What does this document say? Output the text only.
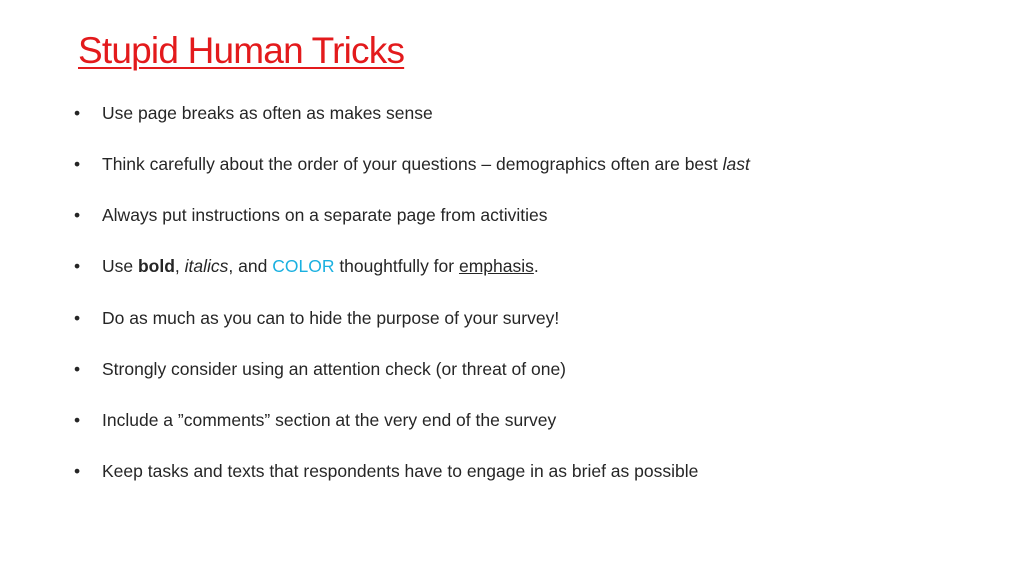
Stupid Human Tricks
•	Use page breaks as often as makes sense
•	Think carefully about the order of your questions – demographics often are best last
•	Always put instructions on a separate page from activities
•	Use bold, italics, and COLOR thoughtfully for emphasis.
•	Do as much as you can to hide the purpose of your survey!
•	Strongly consider using an attention check (or threat of one)
•	Include a ”comments” section at the very end of the survey
•	Keep tasks and texts that respondents have to engage in as brief as possible
